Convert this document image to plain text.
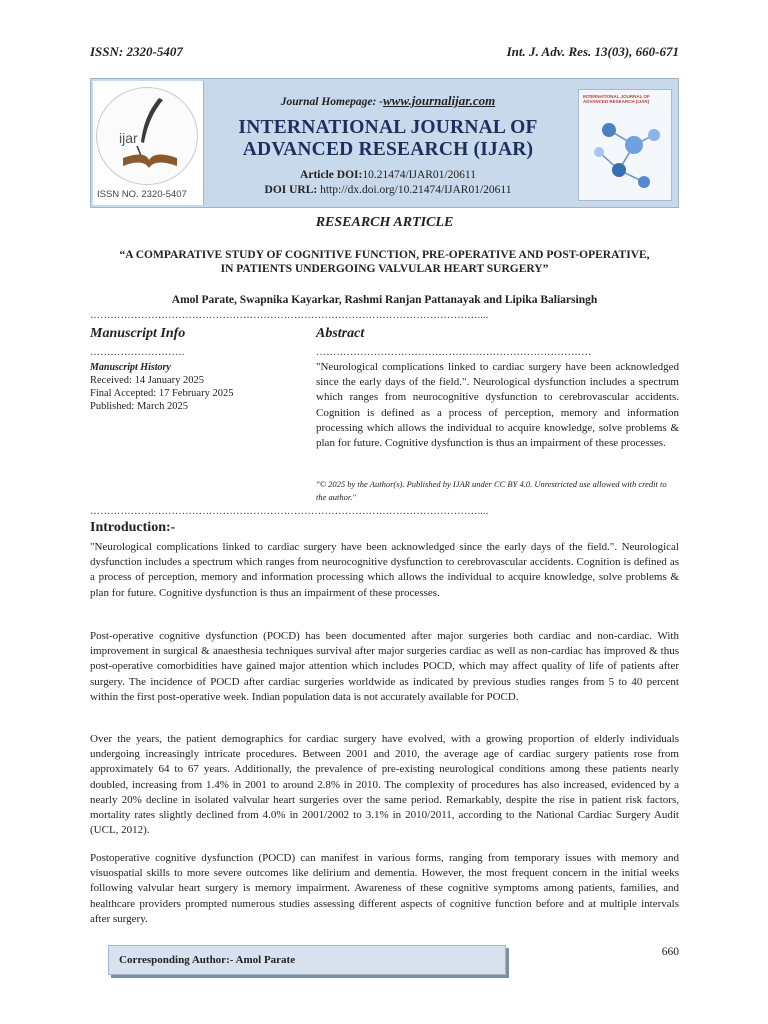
ISSN: 2320-5407	Int. J. Adv. Res. 13(03), 660-671
ijar
ISSN NO. 2320-5407
Journal Homepage: -www.journalijar.com
INTERNATIONAL JOURNAL OF
ADVANCED RESEARCH (IJAR)
Article DOI:10.21474/IJAR01/20611
DOI URL: http://dx.doi.org/10.21474/IJAR01/20611
INTERNATIONAL JOURNAL OF ADVANCED RESEARCH (IJAR)
RESEARCH ARTICLE
“A COMPARATIVE STUDY OF COGNITIVE FUNCTION, PRE-OPERATIVE AND POST-OPERATIVE,
IN PATIENTS UNDERGOING VALVULAR HEART SURGERY”
Amol Parate, Swapnika Kayarkar, Rashmi Ranjan Pattanayak and Lipika Baliarsingh
……………………………………………………………………………………………………....
Manuscript Info	Abstract
……………………….	………………………………………………………………………
Manuscript History
Received: 14 January 2025
Final Accepted: 17 February 2025
Published: March 2025
"Neurological complications linked to cardiac surgery have been acknowledged since the early days of the field.". Neurological dysfunction includes a spectrum which ranges from neurocognitive dysfunction to cerebrovascular accidents. Cognition is defined as a process of perception, memory and information processing which allows the individual to acquire knowledge, solve problems & plan for future. Cognitive dysfunction is thus an impairment of these processes.
"© 2025 by the Author(s). Published by IJAR under CC BY 4.0. Unrestricted use allowed with credit to the author."
……………………………………………………………………………………………………....
Introduction:-

"Neurological complications linked to cardiac surgery have been acknowledged since the early days of the field.". Neurological dysfunction includes a spectrum which ranges from neurocognitive dysfunction to cerebrovascular accidents. Cognition is defined as a process of perception, memory and information processing which allows the individual to acquire knowledge, solve problems & plan for future. Cognitive dysfunction is thus an impairment of these processes.

Post-operative cognitive dysfunction (POCD) has been documented after major surgeries both cardiac and non-cardiac. With improvement in surgical & anaesthesia techniques survival after major surgeries cardiac as well as non-cardiac has improved & thus post-operative comorbidities have gained major attention which includes POCD, which may affect quality of life of patients after surgery. The incidence of POCD after cardiac surgeries worldwide as indicated by previous studies ranges from 5 to 40 percent within the first post-operative week. Indian population data is not accurately available for POCD.

Over the years, the patient demographics for cardiac surgery have evolved, with a growing proportion of elderly individuals undergoing increasingly intricate procedures. Between 2001 and 2010, the average age of cardiac surgery patients rose from approximately 64 to 67 years. Additionally, the prevalence of pre-existing neurological conditions among these patients nearly doubled, increasing from 1.4% in 2001 to around 2.8% in 2010. The complexity of procedures has also increased, evidenced by a nearly 20% decline in isolated valvular heart surgeries over the same period. Remarkably, despite the rise in patient risk factors, mortality rates slightly declined from 4.0% in 2001/2002 to 3.1% in 2010/2011, according to the National Cardiac Surgery Audit (UCL, 2012).

Postoperative cognitive dysfunction (POCD) can manifest in various forms, ranging from temporary issues with memory and visuospatial skills to more severe outcomes like delirium and dementia. However, the most frequent concern in the initial weeks following valvular heart surgery is memory impairment. Awareness of these cognitive symptoms among patients, families, and healthcare providers prompted numerous studies assessing different aspects of cognitive function before and at multiple intervals after surgery.

Corresponding Author:- Amol Parate
660
